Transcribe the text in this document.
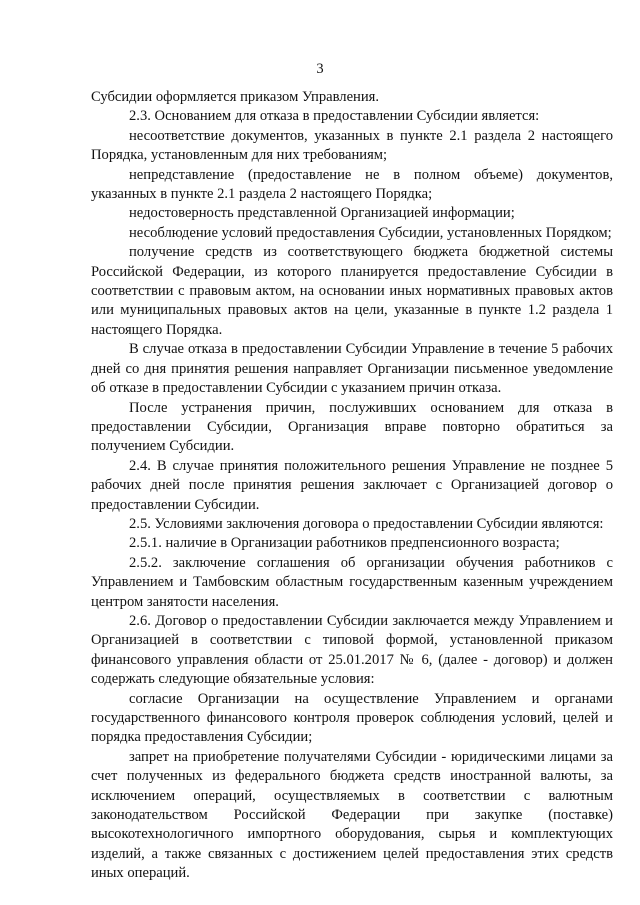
3

Субсидии оформляется приказом Управления.

2.3. Основанием для отказа в предоставлении Субсидии является:

несоответствие документов, указанных в пункте 2.1 раздела 2 настоящего Порядка, установленным для них требованиям;

непредставление (предоставление не в полном объеме) документов, указанных в пункте 2.1 раздела 2 настоящего Порядка;

недостоверность представленной Организацией информации;

несоблюдение условий предоставления Субсидии, установленных Порядком;

получение средств из соответствующего бюджета бюджетной системы Российской Федерации, из которого планируется предоставление Субсидии в соответствии с правовым актом, на основании иных нормативных правовых актов или муниципальных правовых актов на цели, указанные в пункте 1.2 раздела 1 настоящего Порядка.

В случае отказа в предоставлении Субсидии Управление в течение 5 рабочих дней со дня принятия решения направляет Организации письменное уведомление об отказе в предоставлении Субсидии с указанием причин отказа.

После устранения причин, послуживших основанием для отказа в предоставлении Субсидии, Организация вправе повторно обратиться за получением Субсидии.

2.4. В случае принятия положительного решения Управление не позднее 5 рабочих дней после принятия решения заключает с Организацией договор о предоставлении Субсидии.

2.5. Условиями заключения договора о предоставлении Субсидии являются:

2.5.1. наличие в Организации работников предпенсионного возраста;

2.5.2. заключение соглашения об организации обучения работников с Управлением и Тамбовским областным государственным казенным учреждением центром занятости населения.

2.6. Договор о предоставлении Субсидии заключается между Управлением и Организацией в соответствии с типовой формой, установленной приказом финансового управления области от 25.01.2017 № 6, (далее - договор) и должен содержать следующие обязательные условия:

согласие Организации на осуществление Управлением и органами государственного финансового контроля проверок соблюдения условий, целей и порядка предоставления Субсидии;

запрет на приобретение получателями Субсидии - юридическими лицами за счет полученных из федерального бюджета средств иностранной валюты, за исключением операций, осуществляемых в соответствии с валютным законодательством Российской Федерации при закупке (поставке) высокотехнологичного импортного оборудования, сырья и комплектующих изделий, а также связанных с достижением целей предоставления этих средств иных операций.
